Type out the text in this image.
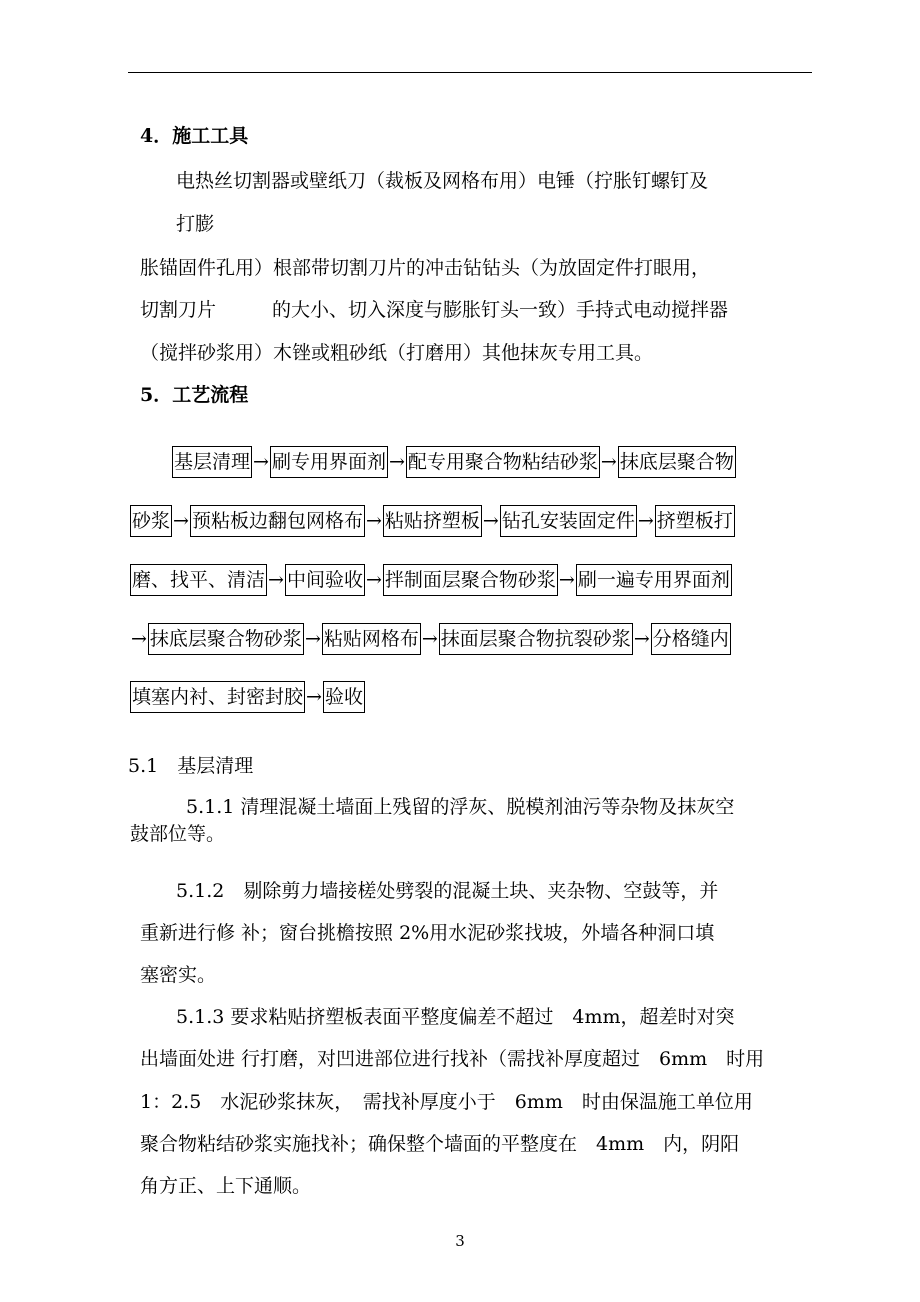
4．施工工具
电热丝切割器或壁纸刀（裁板及网格布用）电锤（拧胀钉螺钉及
打膨
胀锚固件孔用）根部带切割刀片的冲击钻钻头（为放固定件打眼用，
切割刀片	的大小、切入深度与膨胀钉头一致）手持式电动搅拌器
（搅拌砂浆用）木锉或粗砂纸（打磨用）其他抹灰专用工具。
5．工艺流程
基层清理 → 刷专用界面剂 → 配专用聚合物粘结砂浆 → 抹底层聚合物
砂浆 → 预粘板边翻包网格布 → 粘贴挤塑板 → 钻孔安装固定件 → 挤塑板打
磨、找平、清洁 → 中间验收 → 拌制面层聚合物砂浆 → 刷一遍专用界面剂
→ 抹底层聚合物砂浆 → 粘贴网格布 → 抹面层聚合物抗裂砂浆 → 分格缝内
填塞内衬、封密封胶 → 验收
5.1　基层清理
5.1.1 清理混凝土墙面上残留的浮灰、脱模剂油污等杂物及抹灰空
鼓部位等。
5.1.2　剔除剪力墙接槎处劈裂的混凝土块、夹杂物、空鼓等，并
重新进行修 补；窗台挑檐按照 2%用水泥砂浆找坡，外墙各种洞口填
塞密实。
5.1.3 要求粘贴挤塑板表面平整度偏差不超过　4mm，超差时对突
出墙面处进 行打磨，对凹进部位进行找补（需找补厚度超过　6mm　时用
1：2.5　水泥砂浆抹灰，　需找补厚度小于　6mm　时由保温施工单位用
聚合物粘结砂浆实施找补；确保整个墙面的平整度在　4mm　内，阴阳
角方正、上下通顺。
3
